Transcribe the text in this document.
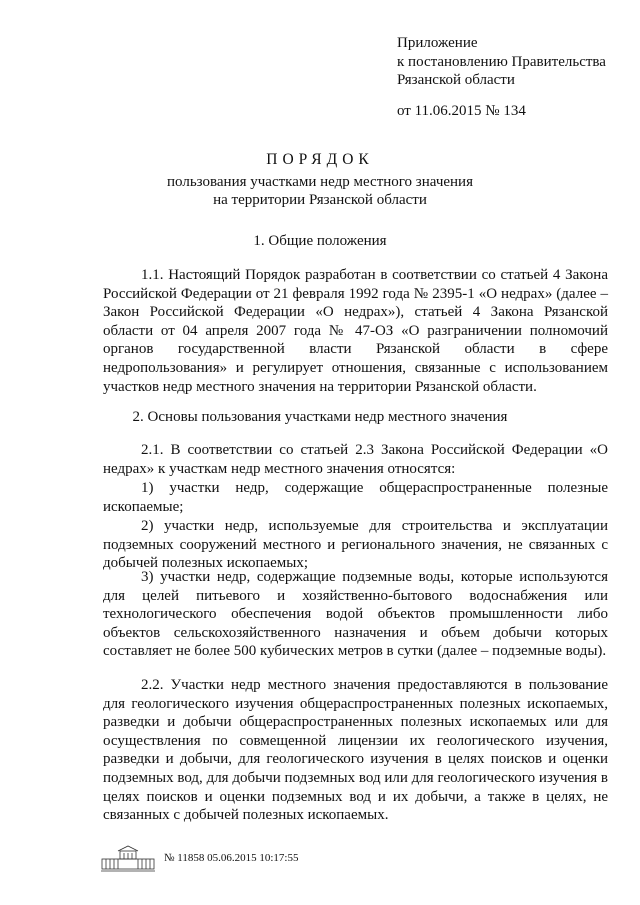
Приложение
к постановлению Правительства
Рязанской области
от 11.06.2015 № 134
ПОРЯДОК
пользования участками недр местного значения
на территории Рязанской области
1. Общие положения

1.1. Настоящий Порядок разработан в соответствии со статьей 4 Закона Российской Федерации от 21 февраля 1992 года № 2395-1 «О недрах» (далее – Закон Российской Федерации «О недрах»), статьей 4 Закона Рязанской области от 04 апреля 2007 года № 47-ОЗ «О разграничении полномочий органов государственной власти Рязанской области в сфере недропользования» и регулирует отношения, связанные с использованием участков недр местного значения на территории Рязанской области.

2. Основы пользования участками недр местного значения

2.1. В соответствии со статьей 2.3 Закона Российской Федерации «О недрах» к участкам недр местного значения относятся:

1) участки недр, содержащие общераспространенные полезные ископаемые;

2) участки недр, используемые для строительства и эксплуатации подземных сооружений местного и регионального значения, не связанных с добычей полезных ископаемых;

3) участки недр, содержащие подземные воды, которые используются для целей питьевого и хозяйственно-бытового водоснабжения или технологического обеспечения водой объектов промышленности либо объектов сельскохозяйственного назначения и объем добычи которых составляет не более 500 кубических метров в сутки (далее – подземные воды).

2.2. Участки недр местного значения предоставляются в пользование для геологического изучения общераспространенных полезных ископаемых, разведки и добычи общераспространенных полезных ископаемых или для осуществления по совмещенной лицензии их геологического изучения, разведки и добычи, для геологического изучения в целях поисков и оценки подземных вод, для добычи подземных вод или для геологического изучения в целях поисков и оценки подземных вод и их добычи, а также в целях, не связанных с добычей полезных ископаемых.

№ 11858 05.06.2015 10:17:55
